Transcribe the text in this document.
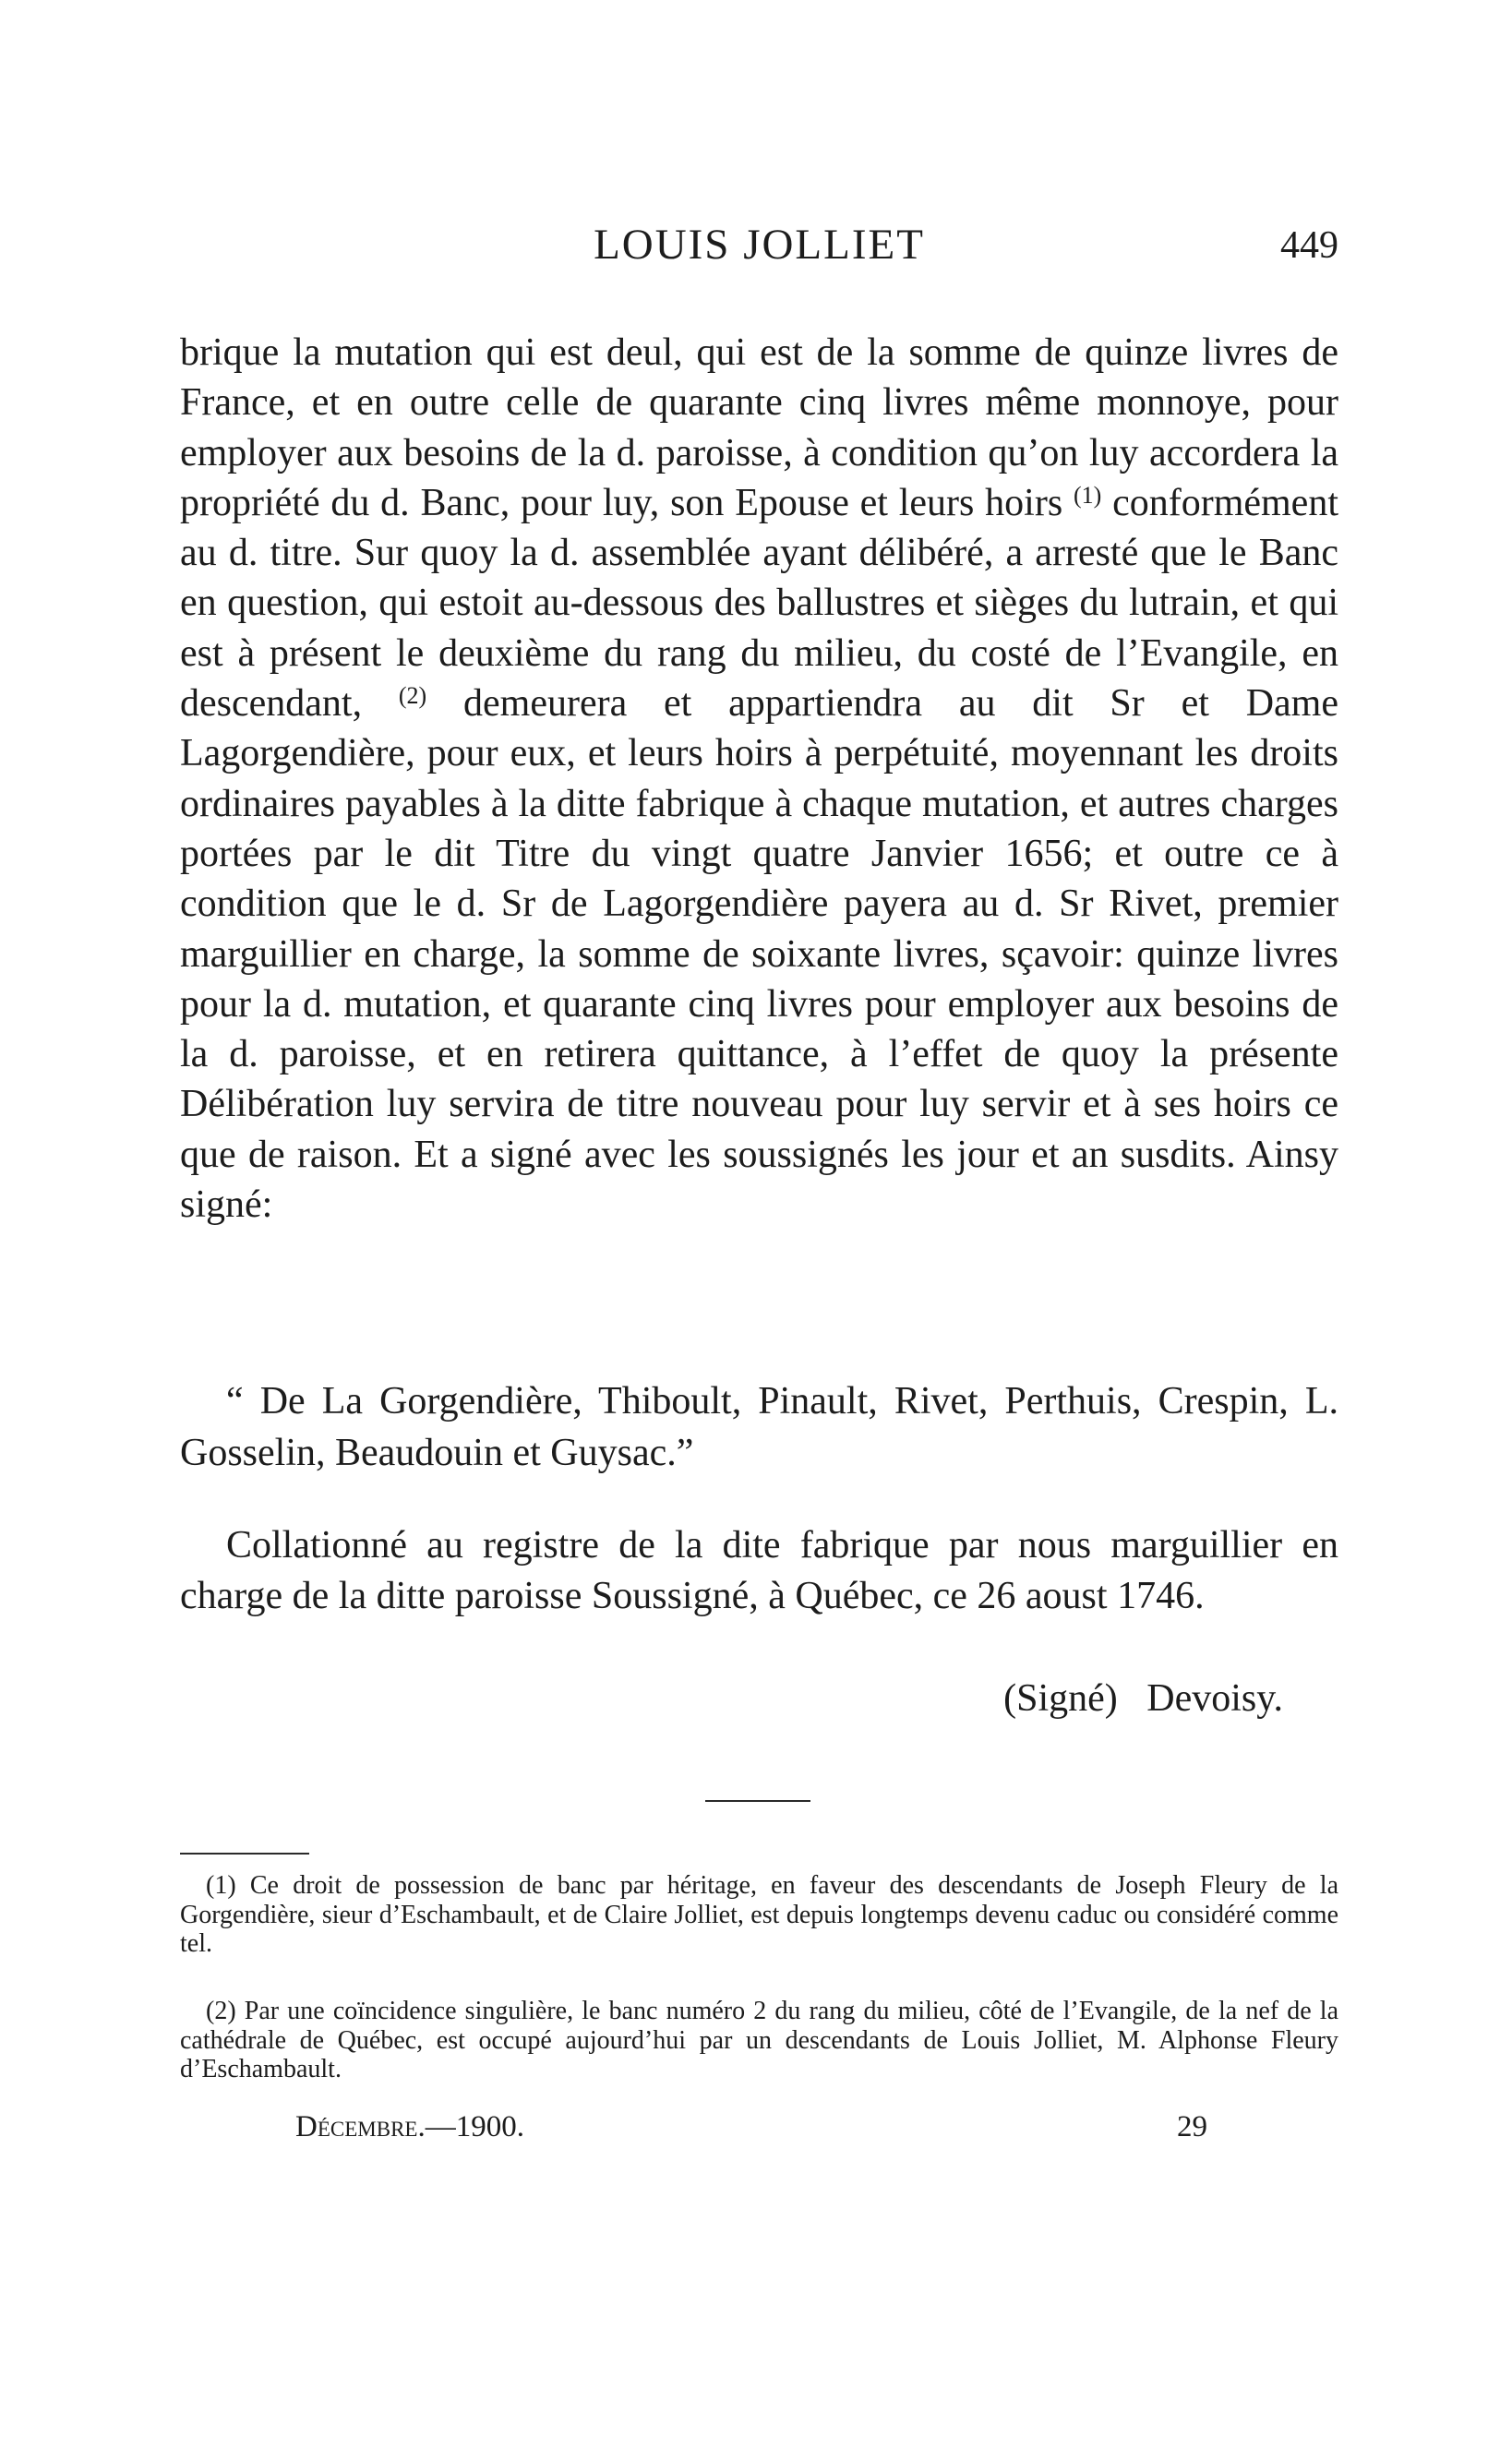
LOUIS JOLLIET	449

brique la mutation qui est deul, qui est de la somme de quinze livres de France, et en outre celle de quarante cinq livres même monnoye, pour employer aux besoins de la d. paroisse, à condition qu’on luy accordera la propriété du d. Banc, pour luy, son Epouse et leurs hoirs $^{(1)}$ conformément au d. titre. Sur quoy la d. assemblée ayant délibéré, a arresté que le Banc en question, qui estoit au-dessous des ballustres et sièges du lutrain, et qui est à présent le deuxième du rang du milieu, du costé de l’Evangile, en descendant, $^{(2)}$ demeurera et appartiendra au dit Sr et Dame Lagorgendière, pour eux, et leurs hoirs à perpétuité, moyennant les droits ordinaires payables à la ditte fabrique à chaque mutation, et autres charges portées par le dit Titre du vingt quatre Janvier 1656; et outre ce à condition que le d. Sr de Lagorgendière payera au d. Sr Rivet, premier marguillier en charge, la somme de soixante livres, sçavoir: quinze livres pour la d. mutation, et quarante cinq livres pour employer aux besoins de la d. paroisse, et en retirera quittance, à l’effet de quoy la présente Délibération luy servira de titre nouveau pour luy servir et à ses hoirs ce que de raison. Et a signé avec les soussignés les jour et an susdits. Ainsy signé:

“ De La Gorgendière, Thiboult, Pinault, Rivet, Perthuis, Crespin, L. Gosselin, Beaudouin et Guysac.”

Collationné au registre de la dite fabrique par nous marguillier en charge de la ditte paroisse Soussigné, à Québec, ce 26 aoust 1746.

(Signé)   Devoisy.

(1) Ce droit de possession de banc par héritage, en faveur des descendants de Joseph Fleury de la Gorgendière, sieur d’Eschambault, et de Claire Jolliet, est depuis longtemps devenu caduc ou considéré comme tel.

(2) Par une coïncidence singulière, le banc numéro 2 du rang du milieu, côté de l’Evangile, de la nef de la cathédrale de Québec, est occupé aujourd’hui par un descendants de Louis Jolliet, M. Alphonse Fleury d’Eschambault.

Décembre.—1900.	29
